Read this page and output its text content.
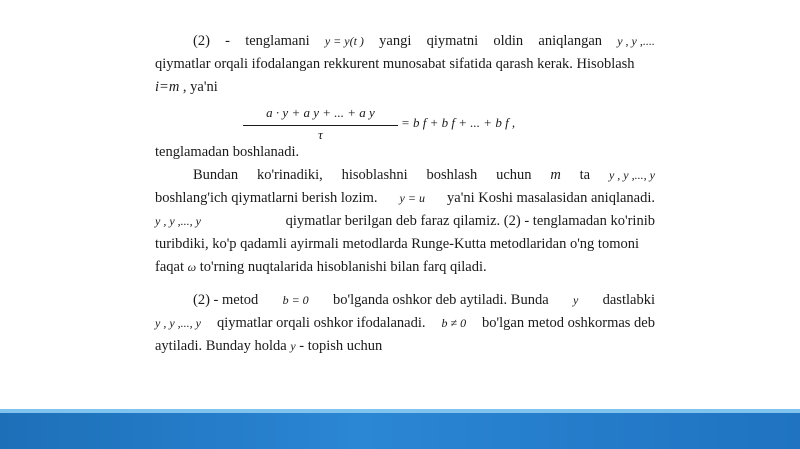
(2) - tenglamani y = y(t ) yangi qiymatni oldin aniqlangan y , y ,....
qiymatlar orqali ifodalangan rekkurent munosabat sifatida qarash kerak. Hisoblash
i=m , ya'ni
$\frac{\text{a · y + a y + ... + a y}}{\tau} = b$ f + b f + ... + b f ,
tenglamadan boshlanadi.
Bundan ko'rinadiki, hisoblashni boshlash uchun m ta y , y ,..., y
boshlang'ich qiymatlarni berish lozim. y = u ya'ni Koshi masalasidan aniqlanadi.
y , y ,..., y	qiymatlar berilgan deb faraz qilamiz. (2) - tenglamadan ko'rinib
turibdiki, ko'p qadamli ayirmali metodlarda Runge-Kutta metodlaridan o'ng tomoni
faqat ω to'rning nuqtalarida hisoblanishi bilan farq qiladi.
(2) - metod b = 0 bo'lganda oshkor deb aytiladi. Bunda y dastlabki
y , y ,..., y qiymatlar orqali oshkor ifodalanadi. b ≠ 0 bo'lgan metod oshkormas deb
aytiladi. Bunday holda y - topish uchun
